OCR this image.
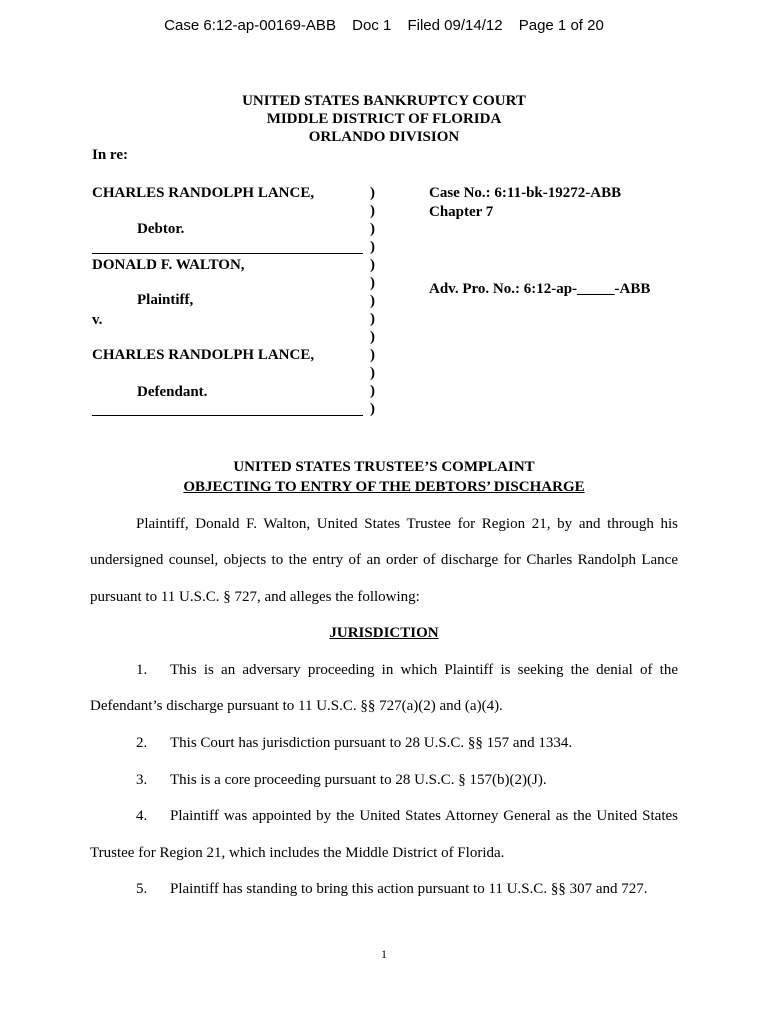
Case 6:12-ap-00169-ABB Doc 1 Filed 09/14/12 Page 1 of 20
UNITED STATES BANKRUPTCY COURT
MIDDLE DISTRICT OF FLORIDA
ORLANDO DIVISION
In re:
CHARLES RANDOLPH LANCE,
Debtor.
DONALD F. WALTON,
Plaintiff,
v.
CHARLES RANDOLPH LANCE,
Defendant.
)
)
)
)
)
)
)
)
)
)
)
)
)
Case No.: 6:11-bk-19272-ABB
Chapter 7
Adv. Pro. No.: 6:12-ap-_____-ABB
UNITED STATES TRUSTEE’S COMPLAINT
OBJECTING TO ENTRY OF THE DEBTORS’ DISCHARGE
Plaintiff, Donald F. Walton, United States Trustee for Region 21, by and through his
undersigned counsel, objects to the entry of an order of discharge for Charles Randolph Lance
pursuant to 11 U.S.C. § 727, and alleges the following:
JURISDICTION
1. This is an adversary proceeding in which Plaintiff is seeking the denial of the
Defendant’s discharge pursuant to 11 U.S.C. §§ 727(a)(2) and (a)(4).
2. This Court has jurisdiction pursuant to 28 U.S.C. §§ 157 and 1334.
3. This is a core proceeding pursuant to 28 U.S.C. § 157(b)(2)(J).
4. Plaintiff was appointed by the United States Attorney General as the United States
Trustee for Region 21, which includes the Middle District of Florida.
5. Plaintiff has standing to bring this action pursuant to 11 U.S.C. §§ 307 and 727.
1
